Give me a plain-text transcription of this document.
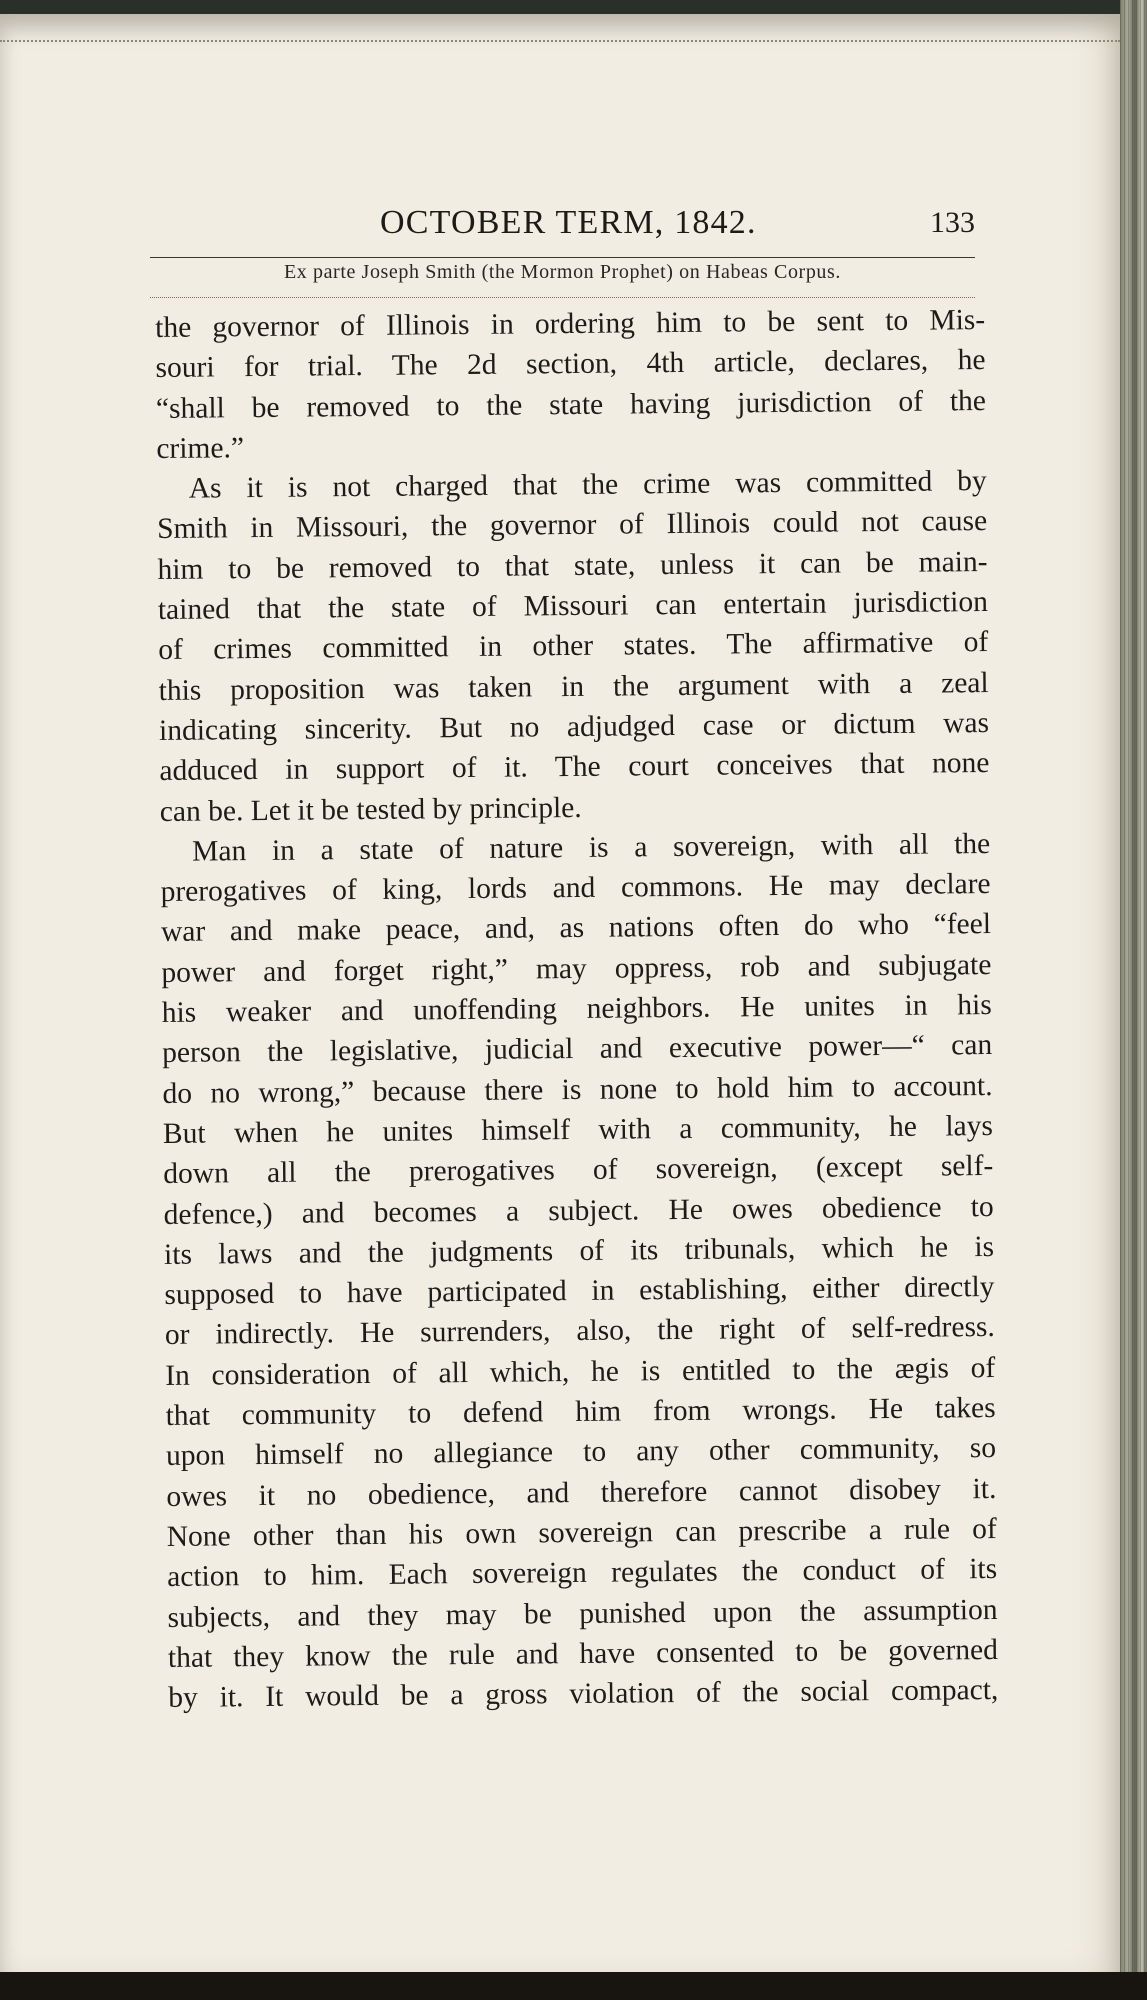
OCTOBER TERM, 1842.	133
Ex parte Joseph Smith (the Mormon Prophet) on Habeas Corpus.
the governor of Illinois in ordering him to be sent to Mis-
souri for trial. The 2d section, 4th article, declares, he
“shall be removed to the state having jurisdiction of the
crime.”
As it is not charged that the crime was committed by
Smith in Missouri, the governor of Illinois could not cause
him to be removed to that state, unless it can be main-
tained that the state of Missouri can entertain jurisdiction
of crimes committed in other states. The affirmative of
this proposition was taken in the argument with a zeal
indicating sincerity. But no adjudged case or dictum was
adduced in support of it. The court conceives that none
can be. Let it be tested by principle.
Man in a state of nature is a sovereign, with all the
prerogatives of king, lords and commons. He may declare
war and make peace, and, as nations often do who “feel
power and forget right,” may oppress, rob and subjugate
his weaker and unoffending neighbors. He unites in his
person the legislative, judicial and executive power—“ can
do no wrong,” because there is none to hold him to account.
But when he unites himself with a community, he lays
down all the prerogatives of sovereign, (except self-
defence,) and becomes a subject. He owes obedience to
its laws and the judgments of its tribunals, which he is
supposed to have participated in establishing, either directly
or indirectly. He surrenders, also, the right of self-redress.
In consideration of all which, he is entitled to the ægis of
that community to defend him from wrongs. He takes
upon himself no allegiance to any other community, so
owes it no obedience, and therefore cannot disobey it.
None other than his own sovereign can prescribe a rule of
action to him. Each sovereign regulates the conduct of its
subjects, and they may be punished upon the assumption
that they know the rule and have consented to be governed
by it. It would be a gross violation of the social compact,
